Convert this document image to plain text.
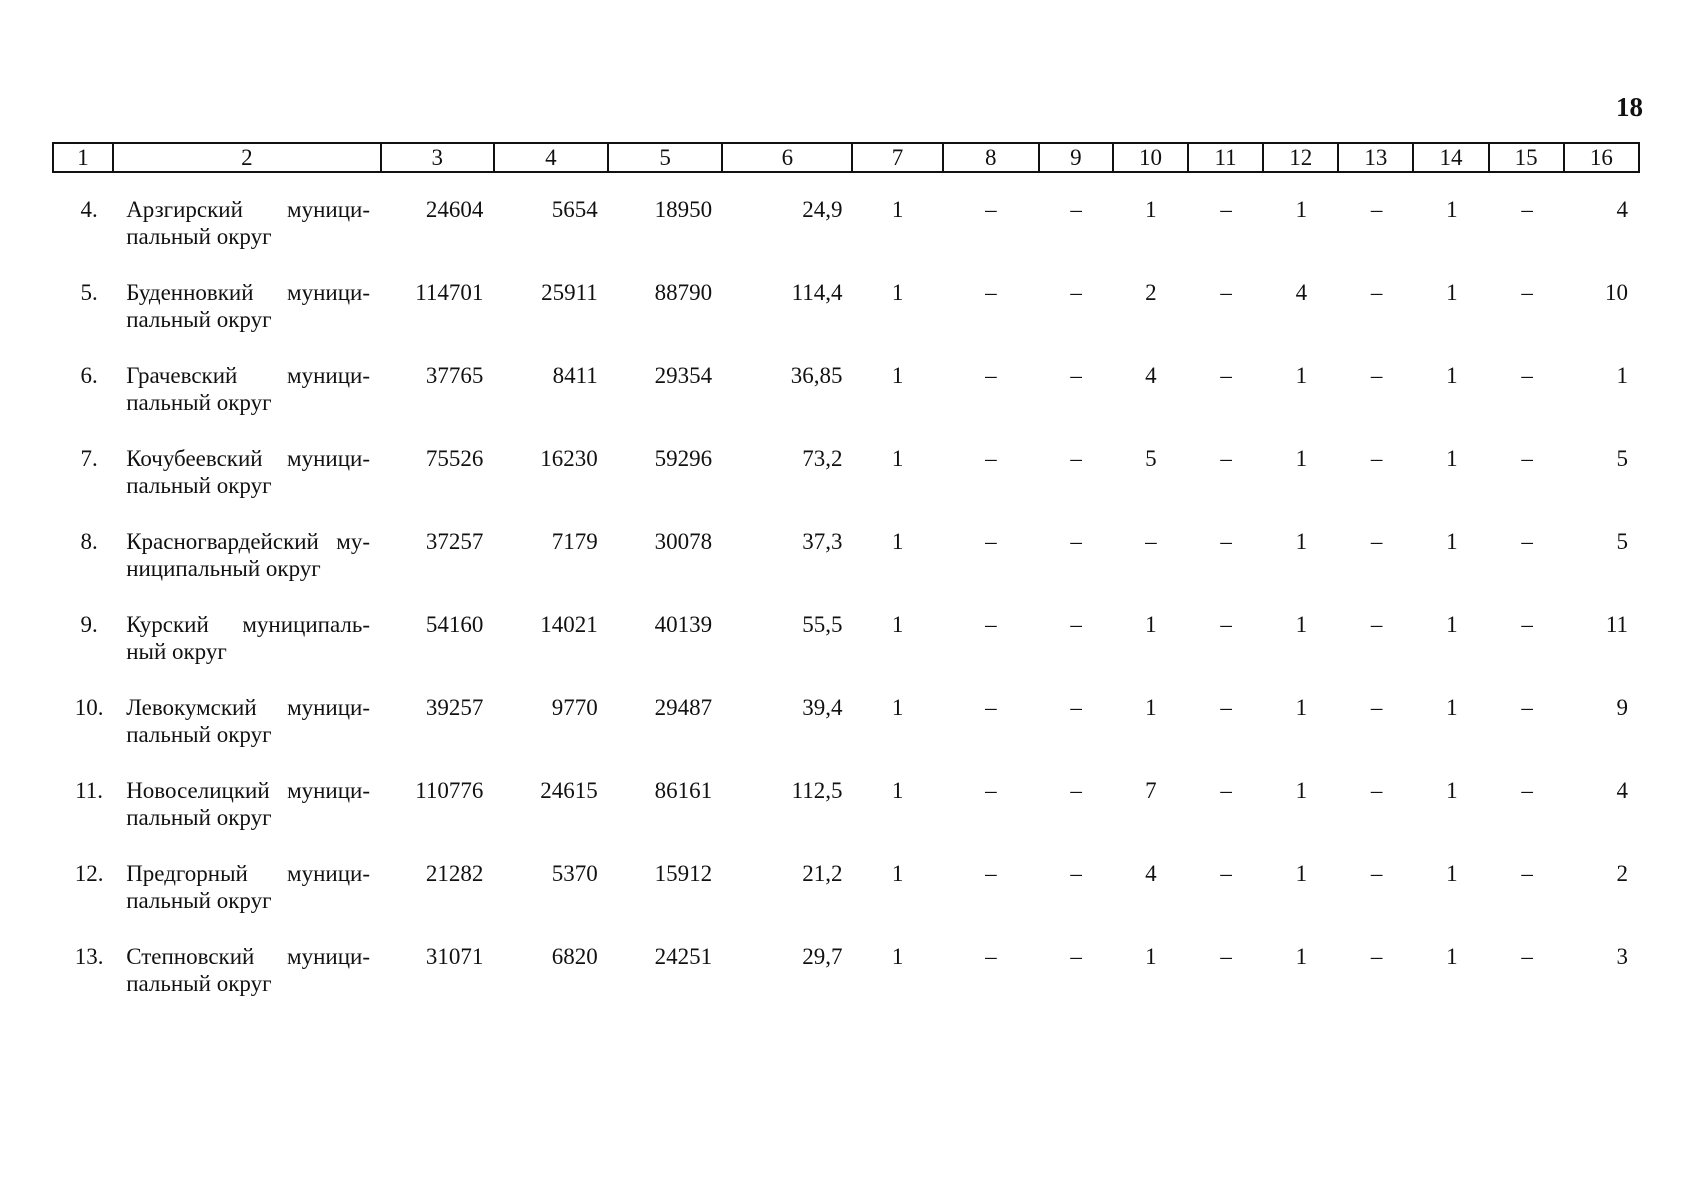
18
1	2	3	4	5	6	7	8	9	10	11	12	13	14	15	16
4.	Арзгирский муници-пальный округ	24604	5654	18950	24,9	1	–	–	1	–	1	–	1	–	4
5.	Буденновкий муници-пальный округ	114701	25911	88790	114,4	1	–	–	2	–	4	–	1	–	10
6.	Грачевский муници-пальный округ	37765	8411	29354	36,85	1	–	–	4	–	1	–	1	–	1
7.	Кочубеевский муници-пальный округ	75526	16230	59296	73,2	1	–	–	5	–	1	–	1	–	5
8.	Красногвардейский му-ниципальный округ	37257	7179	30078	37,3	1	–	–	–	–	1	–	1	–	5
9.	Курский муниципаль-ный округ	54160	14021	40139	55,5	1	–	–	1	–	1	–	1	–	11
10.	Левокумский муници-пальный округ	39257	9770	29487	39,4	1	–	–	1	–	1	–	1	–	9
11.	Новоселицкий муници-пальный округ	110776	24615	86161	112,5	1	–	–	7	–	1	–	1	–	4
12.	Предгорный муници-пальный округ	21282	5370	15912	21,2	1	–	–	4	–	1	–	1	–	2
13.	Степновский муници-пальный округ	31071	6820	24251	29,7	1	–	–	1	–	1	–	1	–	3
